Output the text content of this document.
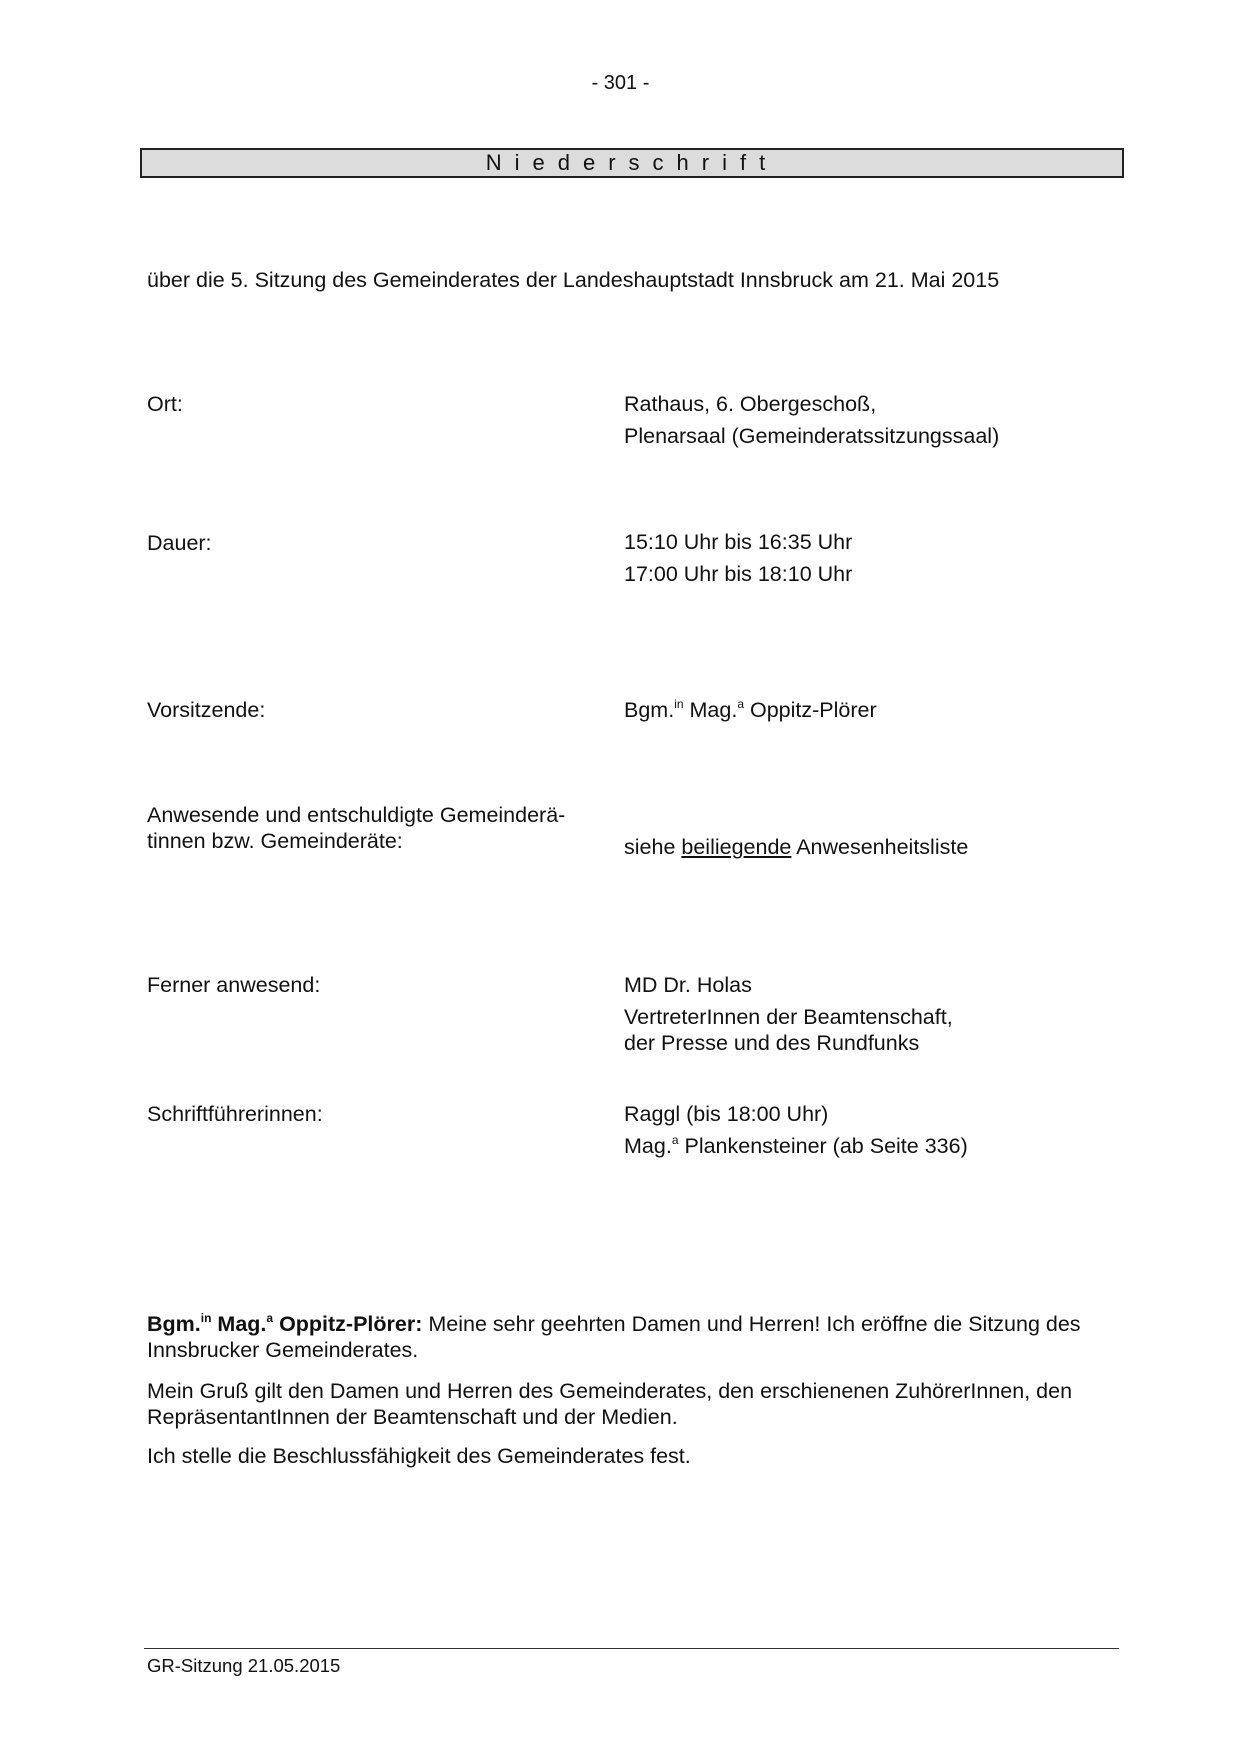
- 301 -
Niederschrift
über die 5. Sitzung des Gemeinderates der Landeshauptstadt Innsbruck am 21. Mai 2015
Ort:	Rathaus, 6. Obergeschoß,
Plenarsaal (Gemeinderatssitzungssaal)
Dauer:	15:10 Uhr bis 16:35 Uhr
17:00 Uhr bis 18:10 Uhr
Vorsitzende:	Bgm.$^{in}$ Mag.$^a$ Oppitz-Plörer
Anwesende und entschuldigte Gemeinderä-
tinnen bzw. Gemeinderäte:	siehe beiliegende Anwesenheitsliste
Ferner anwesend:	MD Dr. Holas
VertreterInnen der Beamtenschaft,
der Presse und des Rundfunks
Schriftführerinnen:	Raggl (bis 18:00 Uhr)
Mag.$^a$ Plankensteiner (ab Seite 336)
Bgm.$^{in}$ Mag.$^a$ Oppitz-Plörer: Meine sehr geehrten Damen und Herren! Ich eröffne die Sitzung des Innsbrucker Gemeinderates.
Mein Gruß gilt den Damen und Herren des Gemeinderates, den erschienenen ZuhörerInnen, den RepräsentantInnen der Beamtenschaft und der Medien.
Ich stelle die Beschlussfähigkeit des Gemeinderates fest.
GR-Sitzung 21.05.2015
